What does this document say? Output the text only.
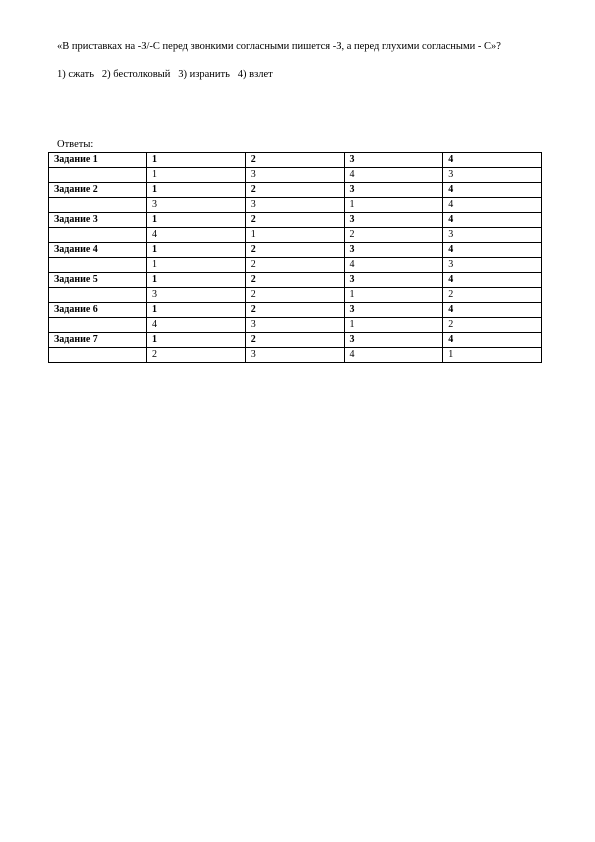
«В приставках на -З/-С перед звонкими согласными пишется -З, а перед глухими согласными - С»?
1) сжать   2) бестолковый   3) изранить   4) взлет
Ответы:
Задание 1	1	2	3	4
	1	3	4	3
Задание 2	1	2	3	4
	3	3	1	4
Задание 3	1	2	3	4
	4	1	2	3
Задание 4	1	2	3	4
	1	2	4	3
Задание 5	1	2	3	4
	3	2	1	2
Задание 6	1	2	3	4
	4	3	1	2
Задание 7	1	2	3	4
	2	3	4	1
